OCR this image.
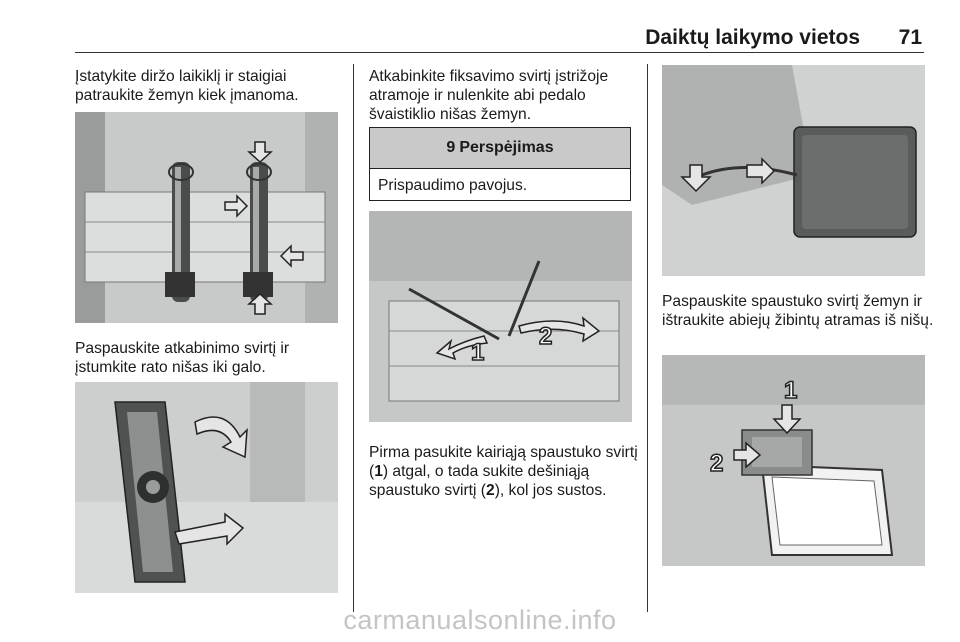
Daiktų laikymo vietos 71
Įstatykite diržo laikiklį ir staigiai patraukite žemyn kiek įmanoma.
Paspauskite atkabinimo svirtį ir įstumkite rato nišas iki galo.
Atkabinkite fiksavimo svirtį įstrižoje atramoje ir nulenkite abi pedalo švaistiklio nišas žemyn.
9 Perspėjimas
Prispaudimo pavojus.
1
2
Pirma pasukite kairiąją spaustuko svirtį (1) atgal, o tada sukite dešiniąją spaustuko svirtį (2), kol jos sustos.
Paspauskite spaustuko svirtį žemyn ir ištraukite abiejų žibintų atramas iš nišų.
1
2
carmanualsonline.info
